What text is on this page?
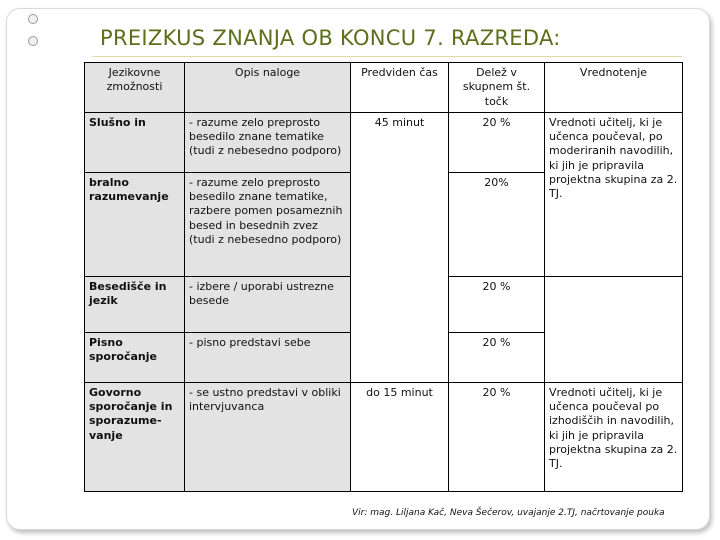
PREIZKUS ZNANJA OB KONCU 7. RAZREDA:
Jezikovne zmožnosti	Opis naloge	Predviden čas	Delež v skupnem št. točk	Vrednotenje
Slušno in	- razume zelo preprosto besedilo znane tematike (tudi z nebesedno podporo)	45 minut	20 %	Vrednoti učitelj, ki je učenca poučeval, po moderiranih navodilih, ki jih je pripravila projektna skupina za 2. TJ.
bralno razumevanje	- razume zelo preprosto besedilo znane tematike, razbere pomen posameznih besed in besednih zvez (tudi z nebesedno podporo)		20%	
Besedišče in jezik	- izbere / uporabi ustrezne besede		20 %	
Pisno sporočanje	- pisno predstavi sebe		20 %	
Govorno sporočanje in sporazume-vanje	- se ustno predstavi v obliki intervjuvanca	do 15 minut	20 %	Vrednoti učitelj, ki je učenca poučeval po izhodiščih in navodilih, ki jih je pripravila projektna skupina za 2. TJ.
Vir: mag. Liljana Kač, Neva Šečerov, uvajanje 2.TJ, načrtovanje pouka
